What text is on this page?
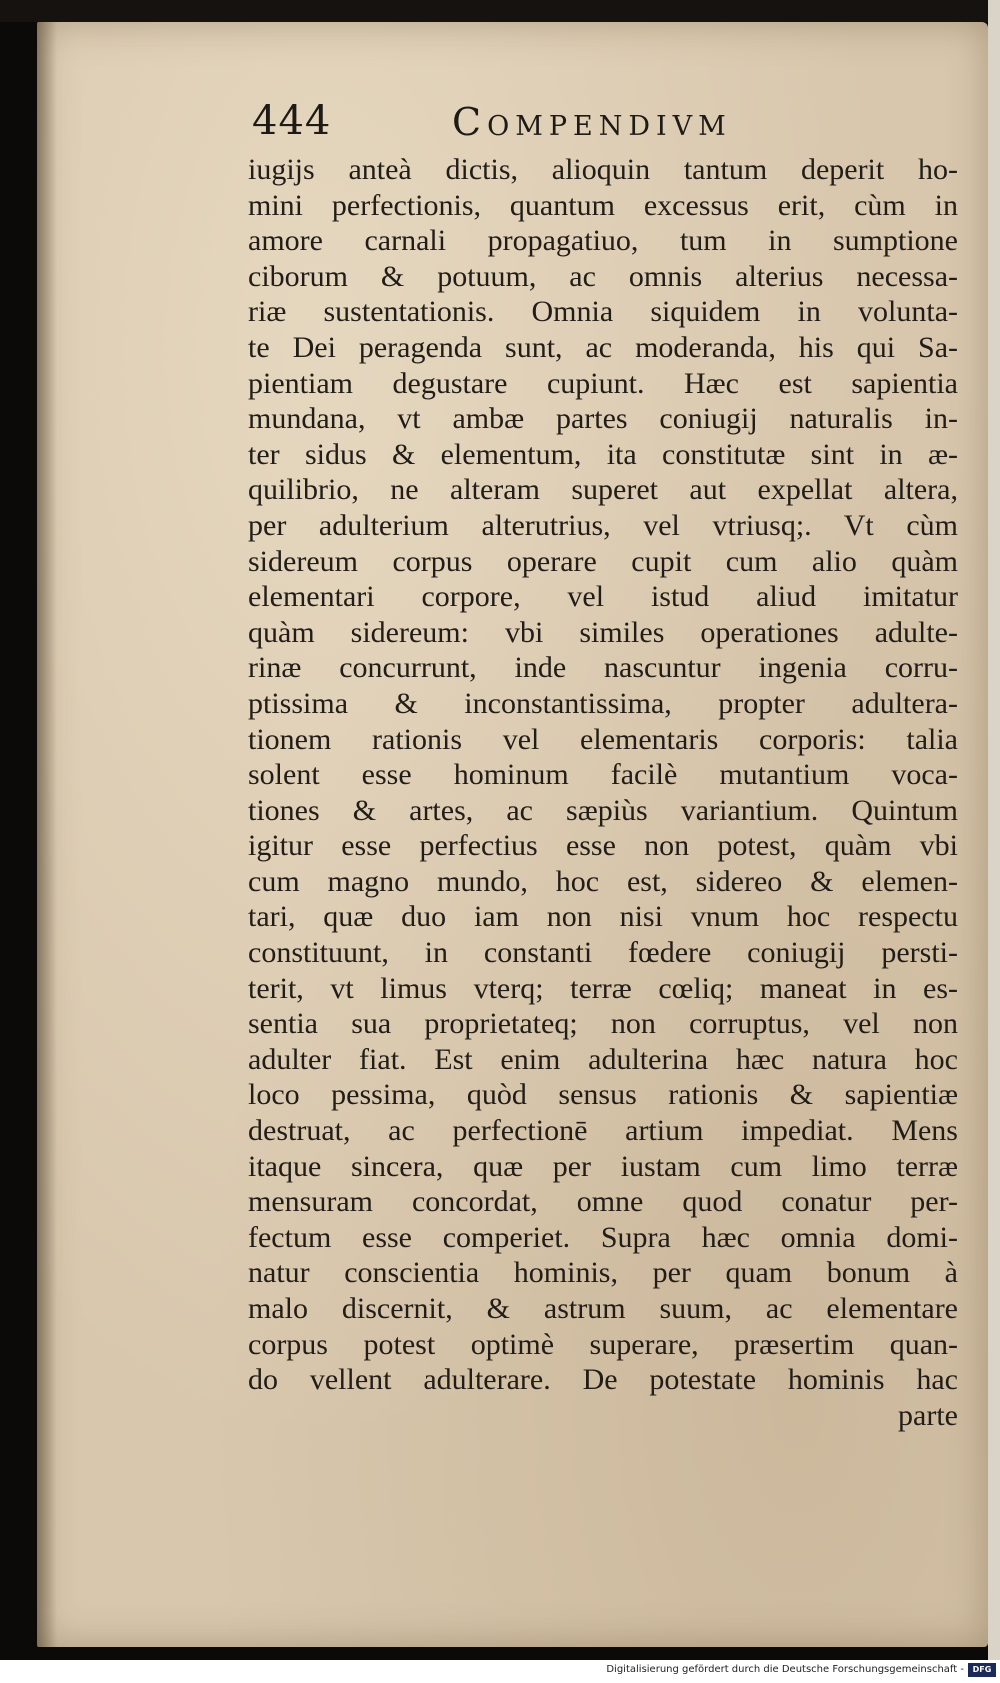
444	Compendivm
iugijs anteà dictis, alioquin tantum deperit ho-
mini perfectionis, quantum excessus erit, cùm in
amore carnali propagatiuo, tum in sumptione
ciborum & potuum, ac omnis alterius necessa-
riæ sustentationis. Omnia siquidem in volunta-
te Dei peragenda sunt, ac moderanda, his qui Sa-
pientiam degustare cupiunt. Hæc est sapientia
mundana, vt ambæ partes coniugij naturalis in-
ter sidus & elementum, ita constitutæ sint in æ-
quilibrio, ne alteram superet aut expellat altera,
per adulterium alterutrius, vel vtriusq;. Vt cùm
sidereum corpus operare cupit cum alio quàm
elementari corpore, vel istud aliud imitatur
quàm sidereum: vbi similes operationes adulte-
rinæ concurrunt, inde nascuntur ingenia corru-
ptissima & inconstantissima, propter adultera-
tionem rationis vel elementaris corporis: talia
solent esse hominum facilè mutantium voca-
tiones & artes, ac sæpiùs variantium. Quintum
igitur esse perfectius esse non potest, quàm vbi
cum magno mundo, hoc est, sidereo & elemen-
tari, quæ duo iam non nisi vnum hoc respectu
constituunt, in constanti fœdere coniugij persti-
terit, vt limus vterq; terræ cœliq; maneat in es-
sentia sua proprietateq; non corruptus, vel non
adulter fiat. Est enim adulterina hæc natura hoc
loco pessima, quòd sensus rationis & sapientiæ
destruat, ac perfectionē artium impediat. Mens
itaque sincera, quæ per iustam cum limo terræ
mensuram concordat, omne quod conatur per-
fectum esse comperiet. Supra hæc omnia domi-
natur conscientia hominis, per quam bonum à
malo discernit, & astrum suum, ac elementare
corpus potest optimè superare, præsertim quan-
do vellent adulterare. De potestate hominis hac
parte
Digitalisierung gefördert durch die Deutsche Forschungsgemeinschaft -	DFG
